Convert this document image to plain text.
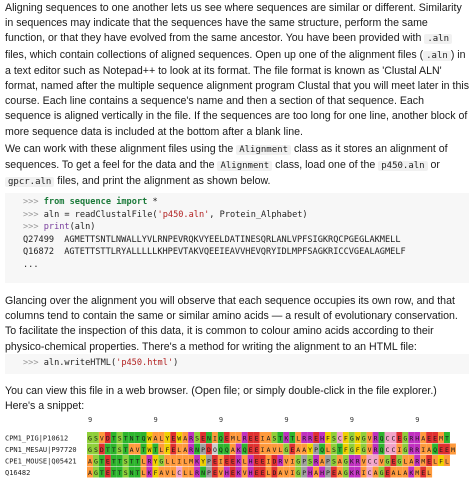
Aligning sequences to one another lets us see where sequences are similar or different. Similarity in sequences may indicate that the sequences have the same structure, perform the same function, or that they have evolved from the same ancestor. You have been provided with .aln files, which contain collections of aligned sequences. Open up one of the alignment files ( .aln ) in a text editor such as Notepad++ to look at its format. The file format is known as 'Clustal ALN' format, named after the multiple sequence alignment program Clustal that you will meet later in this course. Each line contains a sequence's name and then a section of that sequence. Each sequence is aligned vertically in the file. If the sequences are too long for one line, another block of more sequence data is included at the bottom after a blank line.

We can work with these alignment files using the Alignment class as it stores an alignment of sequences. To get a feel for the data and the Alignment class, load one of the p450.aln or gpcr.aln files, and print the alignment as shown below.

>>> from sequence import *
>>> aln = readClustalFile('p450.aln', Protein_Alphabet)
>>> print(aln)
Q27499 AGMETTSNTLNWALLYVLRNPEVRQKVYEELDATINESQRLANLVPFSIGKRQCPGEGLAKMELL
Q16872 AGTETTSTTLRYALLLLLKHPEVTAKVQEEIEAVVHEVQRYIDLMPFSAGKRICCVGEALAGMELF
...

Glancing over the alignment you will observe that each sequence occupies its own row, and that columns tend to contain the same or similar amino acids — a result of evolutionary conservation. To facilitate the inspection of this data, it is common to colour amino acids according to their physico-chemical properties. There's a method for writing the alignment to an HTML file:

>>> aln.writeHTML('p450.html')

You can view this file in a web browser. (Open file; or simply double-click in the file explorer.) Here's a snippet:

9	9	9	9	9	9
CPM1_PIG|P10612	G S V D T S T N T Q W A L Y E W A R S E N I Q E M L R E E I A S T K T L R R E H F S C F G W G V R Q C C E G R H A E E M T
CPN1_MESAU|P97720 G S D T T S T A V T W T L F E L A R N P D O Q Q A K Q E E I A V L G E A A Y P Q L S T F G F G V R Q C C I G R R I A Q E E M
CPE1_MOUSE|Q05421 A G T E T T S T T L R Y G L L I L M K Y P E I E E K L H E E I D R V I G P S R A P S A G K R V C C V G E G L A R M E L F L
Q16482	A G T E T T S N T L K F A V L C L L R N P E V H E K V H E E L D A V I G P H A H P E A G K R I C A G E A L A K M E L
